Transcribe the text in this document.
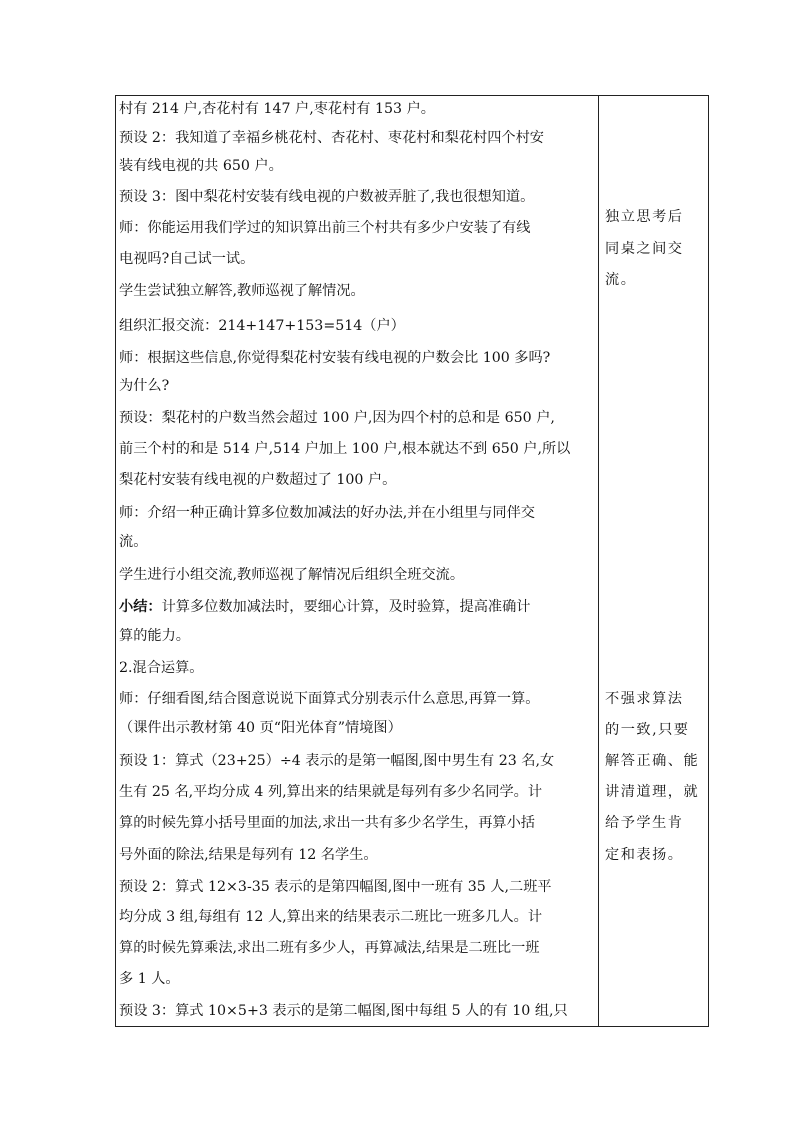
村有 214 户,杏花村有 147 户,枣花村有 153 户。
预设 2：我知道了幸福乡桃花村、杏花村、枣花村和梨花村四个村安
装有线电视的共 650 户。
预设 3：图中梨花村安装有线电视的户数被弄脏了,我也很想知道。
师：你能运用我们学过的知识算出前三个村共有多少户安装了有线
电视吗?自己试一试。
学生尝试独立解答,教师巡视了解情况。
组织汇报交流：214+147+153=514（户）
师：根据这些信息,你觉得梨花村安装有线电视的户数会比 100 多吗?
为什么?
预设：梨花村的户数当然会超过 100 户,因为四个村的总和是 650 户,
前三个村的和是 514 户,514 户加上 100 户,根本就达不到 650 户,所以
梨花村安装有线电视的户数超过了 100 户。
师：介绍一种正确计算多位数加减法的好办法,并在小组里与同伴交
流。
学生进行小组交流,教师巡视了解情况后组织全班交流。
小结：计算多位数加减法时，要细心计算，及时验算，提高准确计
算的能力。
2.混合运算。
师：仔细看图,结合图意说说下面算式分别表示什么意思,再算一算。
（课件出示教材第 40 页“阳光体育”情境图）
预设 1：算式（23+25）÷4 表示的是第一幅图,图中男生有 23 名,女
生有 25 名,平均分成 4 列,算出来的结果就是每列有多少名同学。计
算的时候先算小括号里面的加法,求出一共有多少名学生，再算小括
号外面的除法,结果是每列有 12 名学生。
预设 2：算式 12×3-35 表示的是第四幅图,图中一班有 35 人,二班平
均分成 3 组,每组有 12 人,算出来的结果表示二班比一班多几人。计
算的时候先算乘法,求出二班有多少人，再算减法,结果是二班比一班
多 1 人。
预设 3：算式 10×5+3 表示的是第二幅图,图中每组 5 人的有 10 组,只
独立思考后
同桌之间交
流。
不强求算法
的一致,只要
解答正确、能
讲清道理，就
给予学生肯
定和表扬。
